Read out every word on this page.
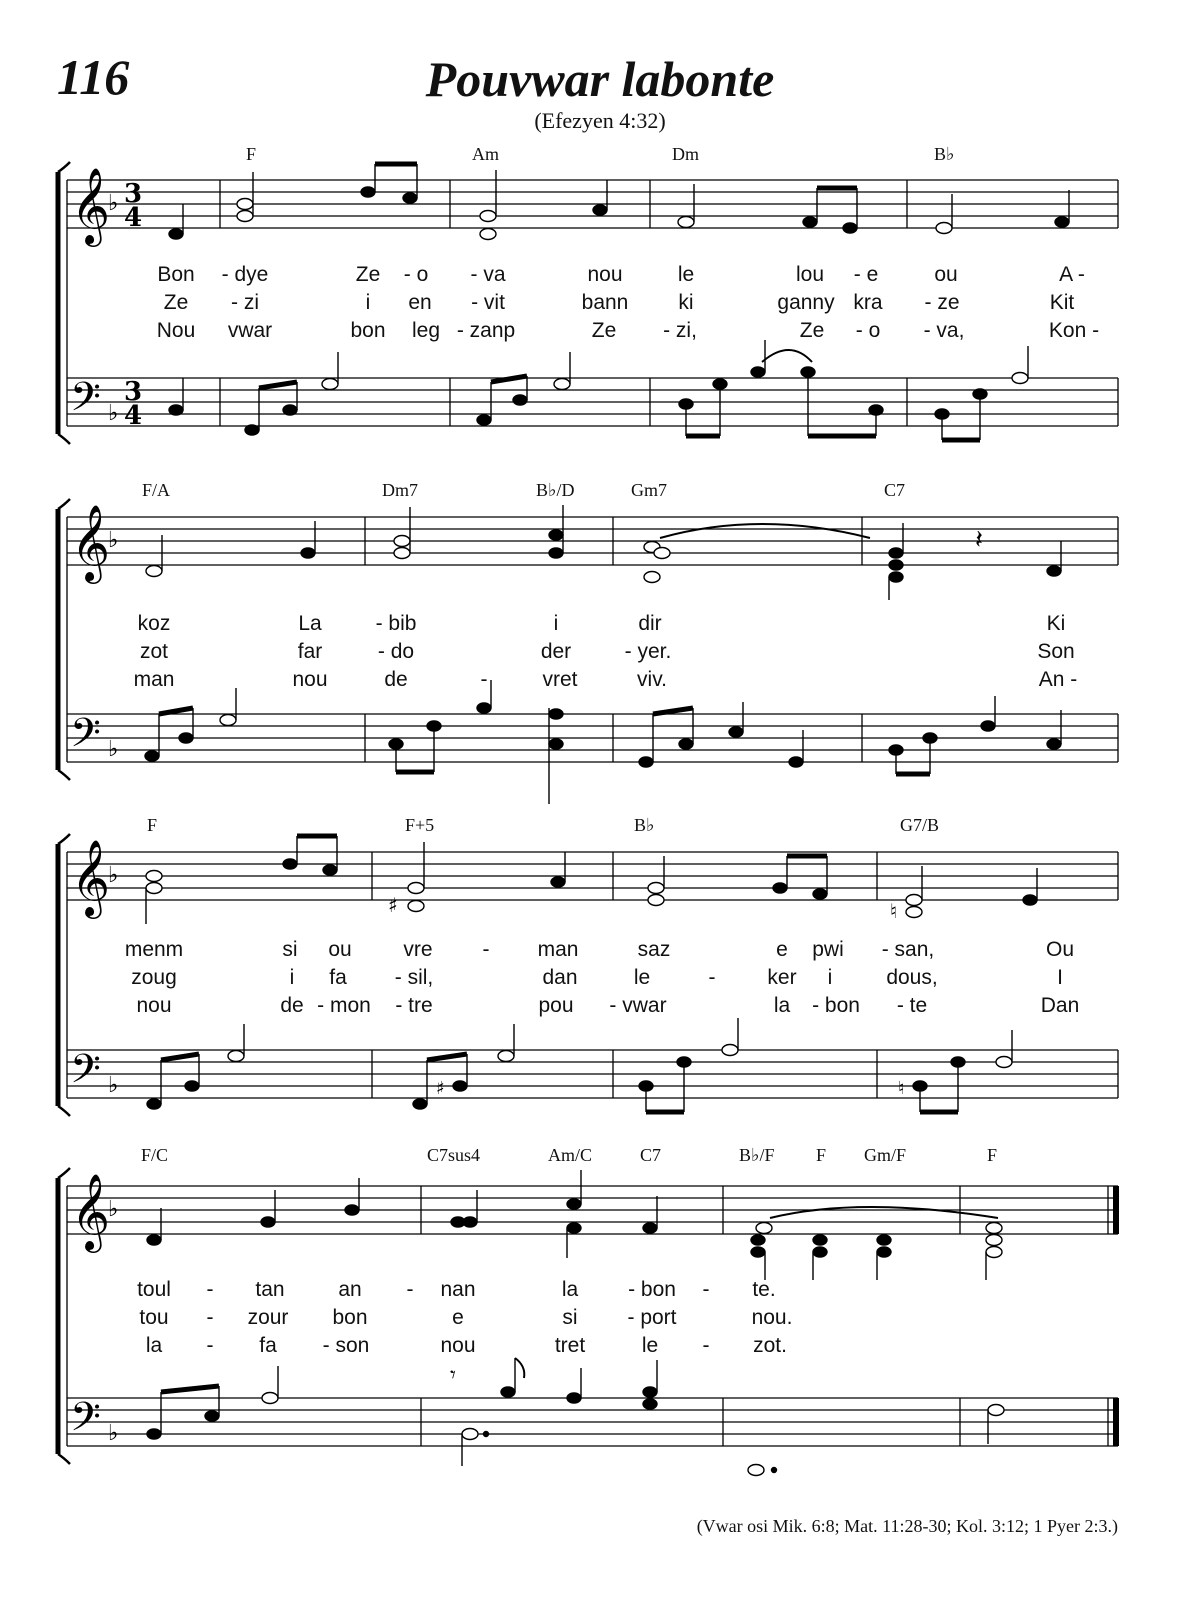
116	Pouvwar labonte
(Efezyen 4:32)
𝄞
𝄞
𝄞
𝄞
𝄢
𝄢
𝄢
𝄢
♭
♭
♭
♭
♭
♭
♭
♭
3
4
3
4
𝄽
♯	♮
♯	♮
𝄾
F	Am	Dm	B♭
F/A	Dm7	B♭/D	Gm7	C7
F	F+5	B♭	G7/B
F/C	C7sus4	Am/C	C7	B♭/F F Gm/F	F
Bon - dye	Ze - o - va	nou	le	lou - e	ou	A -
Ze - zi	i en - vit	bann ki	ganny kra - ze	Kit
Nou vwar	bon leg - zanp	Ze - zi,	Ze - o - va,	Kon -
koz	La	- bib	i	dir	Ki
zot	far	- do	der	- yer.	Son
man	nou	de	-	vret	viv.	An -
menm	si ou vre - man	saz	e pwi - san,	Ou
zoug	i fa - sil,	dan	le	- ker i	dous,	I
nou	de - mon - tre	pou - vwar	la - bon - te	Dan
toul - tan	an - nan	la - bon - te.
tou - zour bon	e	si - port	nou.
la - fa - son	nou	tret	le - zot.
(Vwar osi Mik. 6:8; Mat. 11:28-30; Kol. 3:12; 1 Pyer 2:3.)
